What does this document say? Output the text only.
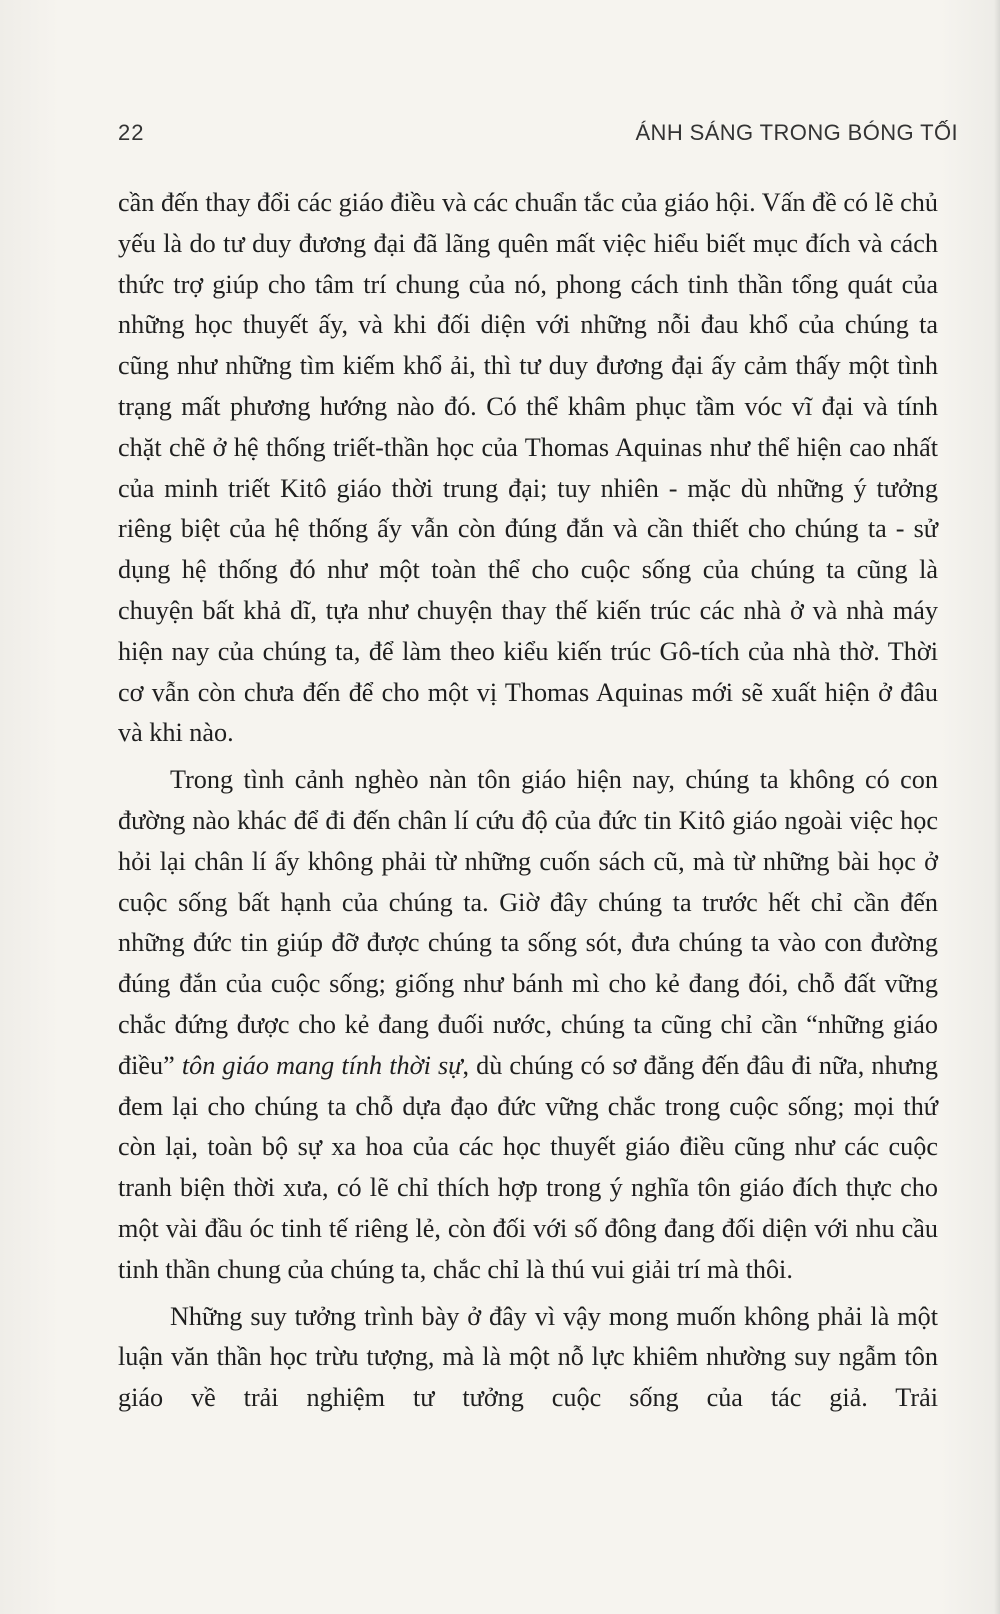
22	ÁNH SÁNG TRONG BÓNG TỐI

cần đến thay đổi các giáo điều và các chuẩn tắc của giáo hội. Vấn đề có lẽ chủ yếu là do tư duy đương đại đã lãng quên mất việc hiểu biết mục đích và cách thức trợ giúp cho tâm trí chung của nó, phong cách tinh thần tổng quát của những học thuyết ấy, và khi đối diện với những nỗi đau khổ của chúng ta cũng như những tìm kiếm khổ ải, thì tư duy đương đại ấy cảm thấy một tình trạng mất phương hướng nào đó. Có thể khâm phục tầm vóc vĩ đại và tính chặt chẽ ở hệ thống triết-thần học của Thomas Aquinas như thể hiện cao nhất của minh triết Kitô giáo thời trung đại; tuy nhiên - mặc dù những ý tưởng riêng biệt của hệ thống ấy vẫn còn đúng đắn và cần thiết cho chúng ta - sử dụng hệ thống đó như một toàn thể cho cuộc sống của chúng ta cũng là chuyện bất khả dĩ, tựa như chuyện thay thế kiến trúc các nhà ở và nhà máy hiện nay của chúng ta, để làm theo kiểu kiến trúc Gô-tích của nhà thờ. Thời cơ vẫn còn chưa đến để cho một vị Thomas Aquinas mới sẽ xuất hiện ở đâu và khi nào.

Trong tình cảnh nghèo nàn tôn giáo hiện nay, chúng ta không có con đường nào khác để đi đến chân lí cứu độ của đức tin Kitô giáo ngoài việc học hỏi lại chân lí ấy không phải từ những cuốn sách cũ, mà từ những bài học ở cuộc sống bất hạnh của chúng ta. Giờ đây chúng ta trước hết chỉ cần đến những đức tin giúp đỡ được chúng ta sống sót, đưa chúng ta vào con đường đúng đắn của cuộc sống; giống như bánh mì cho kẻ đang đói, chỗ đất vững chắc đứng được cho kẻ đang đuối nước, chúng ta cũng chỉ cần “những giáo điều” tôn giáo mang tính thời sự, dù chúng có sơ đẳng đến đâu đi nữa, nhưng đem lại cho chúng ta chỗ dựa đạo đức vững chắc trong cuộc sống; mọi thứ còn lại, toàn bộ sự xa hoa của các học thuyết giáo điều cũng như các cuộc tranh biện thời xưa, có lẽ chỉ thích hợp trong ý nghĩa tôn giáo đích thực cho một vài đầu óc tinh tế riêng lẻ, còn đối với số đông đang đối diện với nhu cầu tinh thần chung của chúng ta, chắc chỉ là thú vui giải trí mà thôi.

Những suy tưởng trình bày ở đây vì vậy mong muốn không phải là một luận văn thần học trừu tượng, mà là một nỗ lực khiêm nhường suy ngẫm tôn giáo về trải nghiệm tư tưởng cuộc sống của tác giả. Trải
